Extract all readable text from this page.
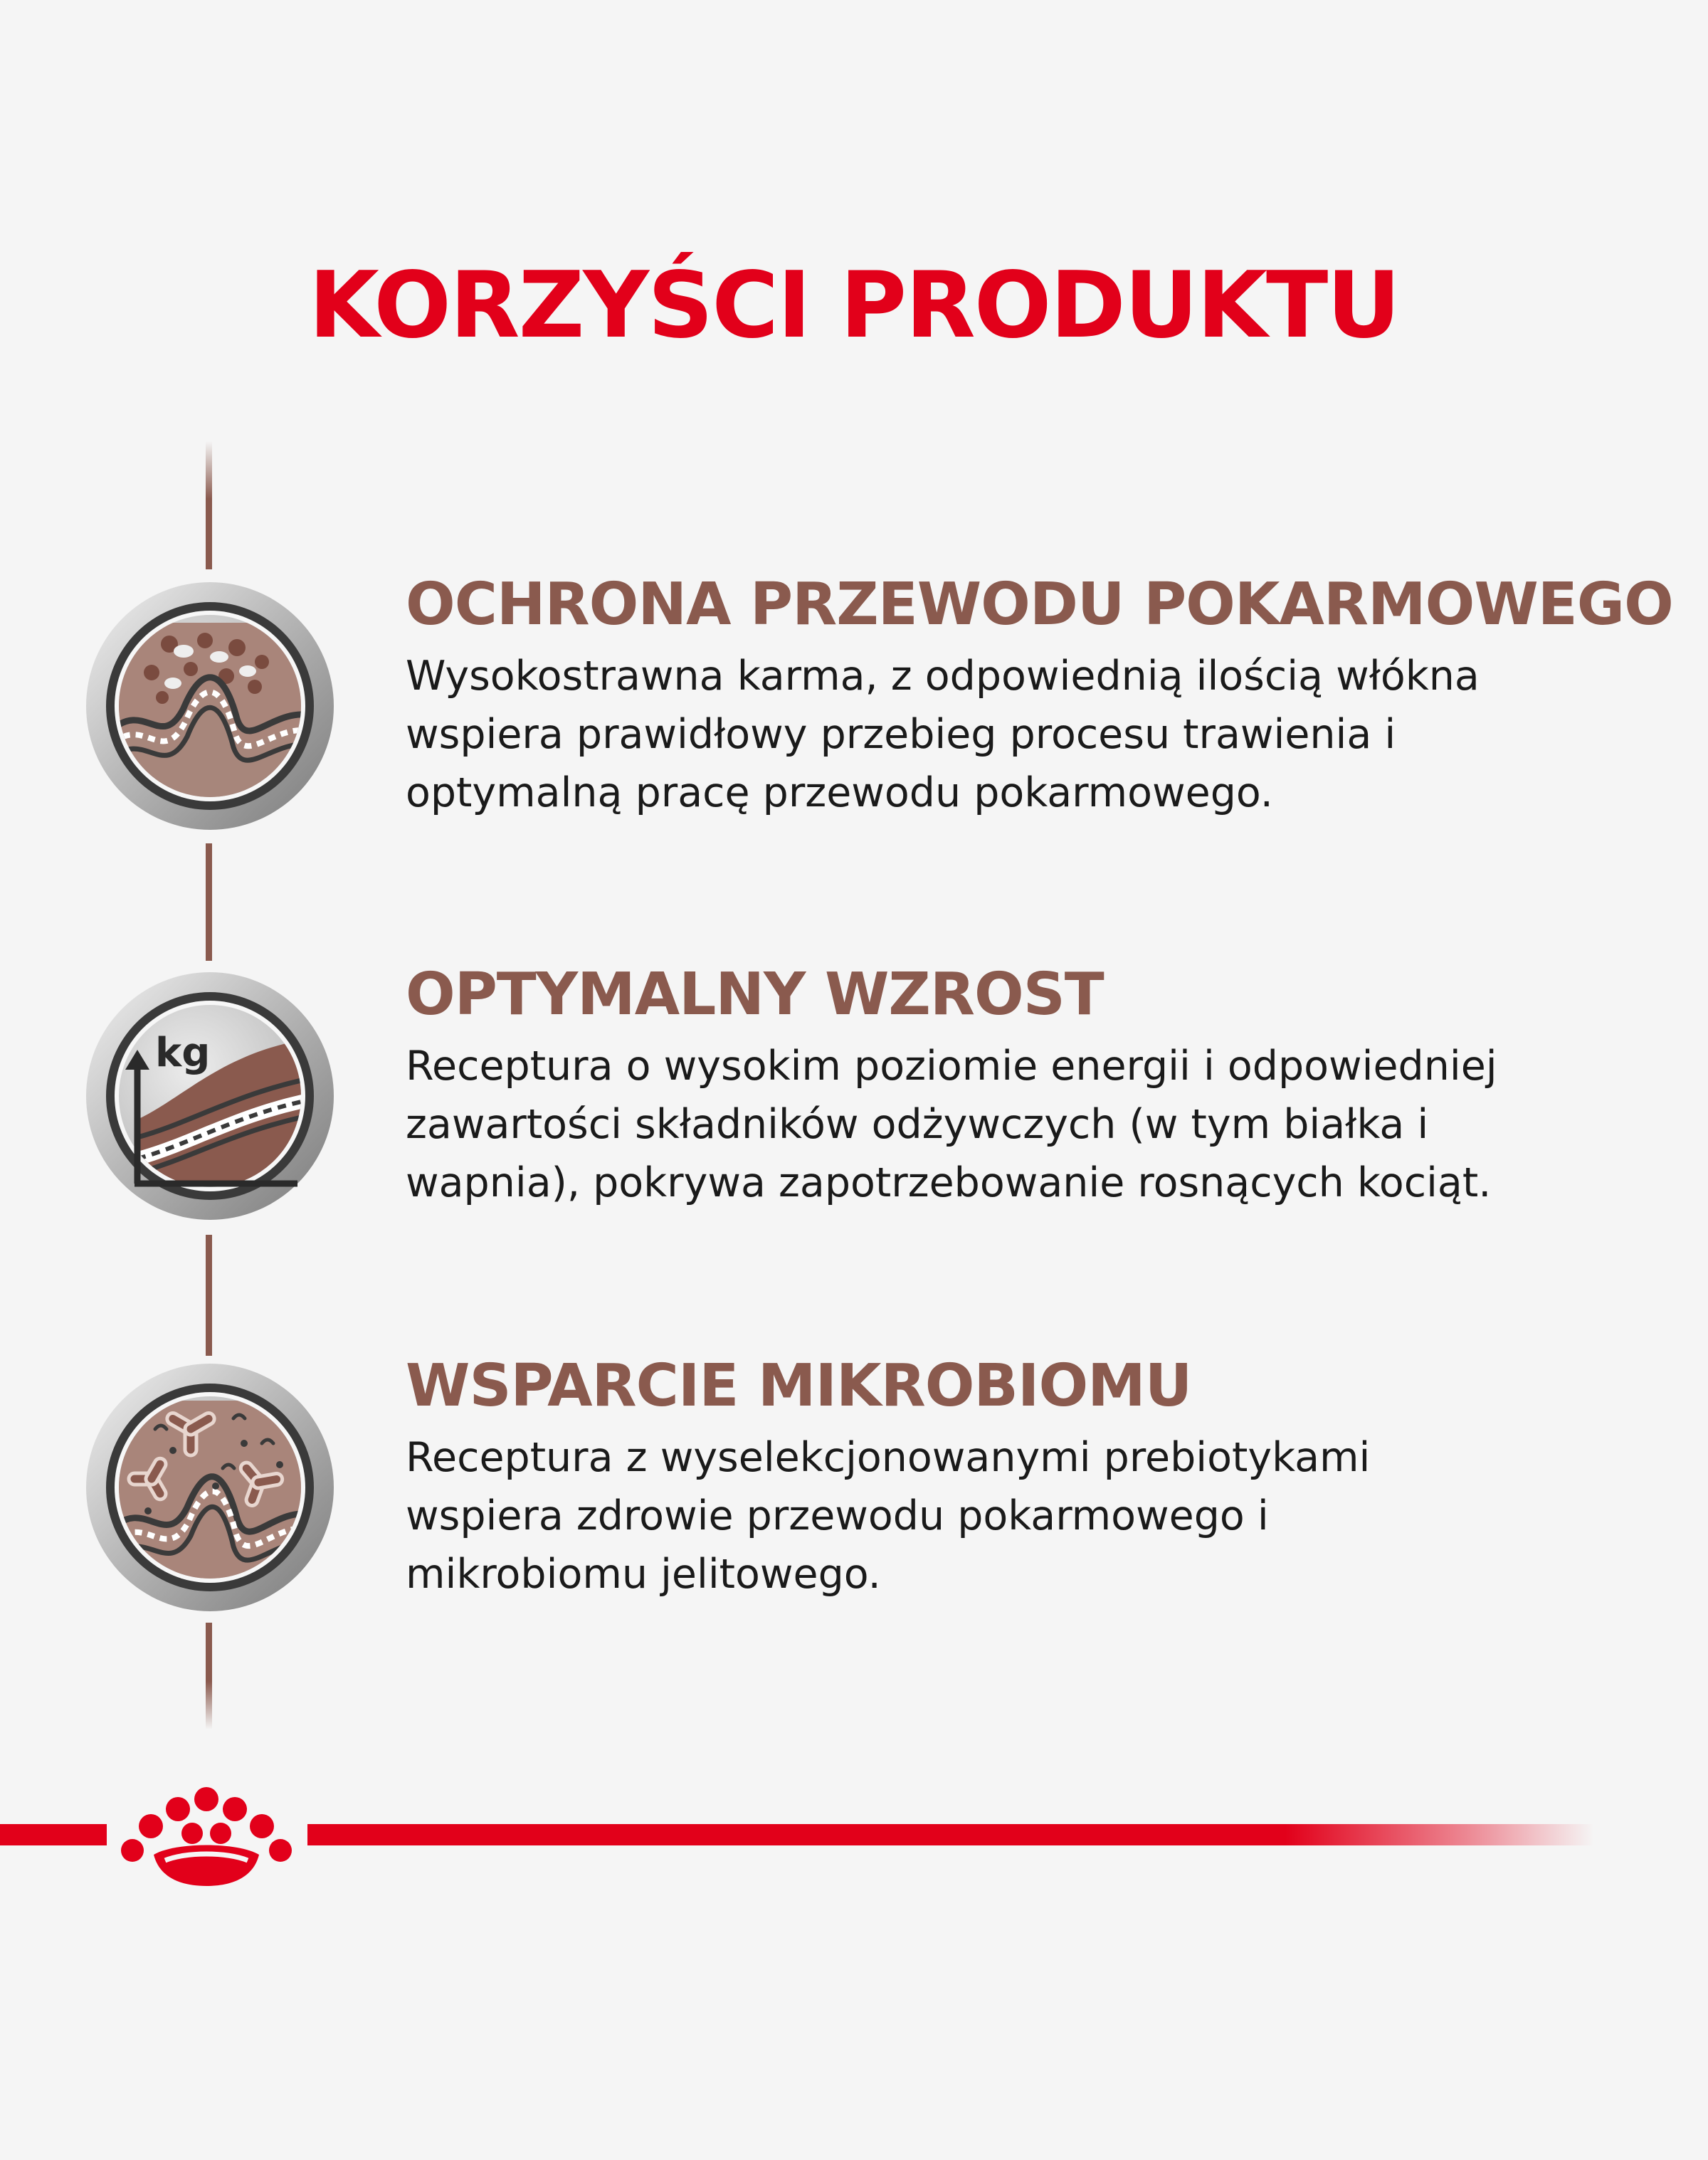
KORZYŚCI PRODUKTU
kg
OCHRONA PRZEWODU POKARMOWEGO

Wysokostrawna karma, z odpowiednią ilością włókna
wspiera prawidłowy przebieg procesu trawienia i
optymalną pracę przewodu pokarmowego.

OPTYMALNY WZROST

Receptura o wysokim poziomie energii i odpowiedniej
zawartości składników odżywczych (w tym białka i
wapnia), pokrywa zapotrzebowanie rosnących kociąt.

WSPARCIE MIKROBIOMU

Receptura z wyselekcjonowanymi prebiotykami
wspiera zdrowie przewodu pokarmowego i
mikrobiomu jelitowego.
